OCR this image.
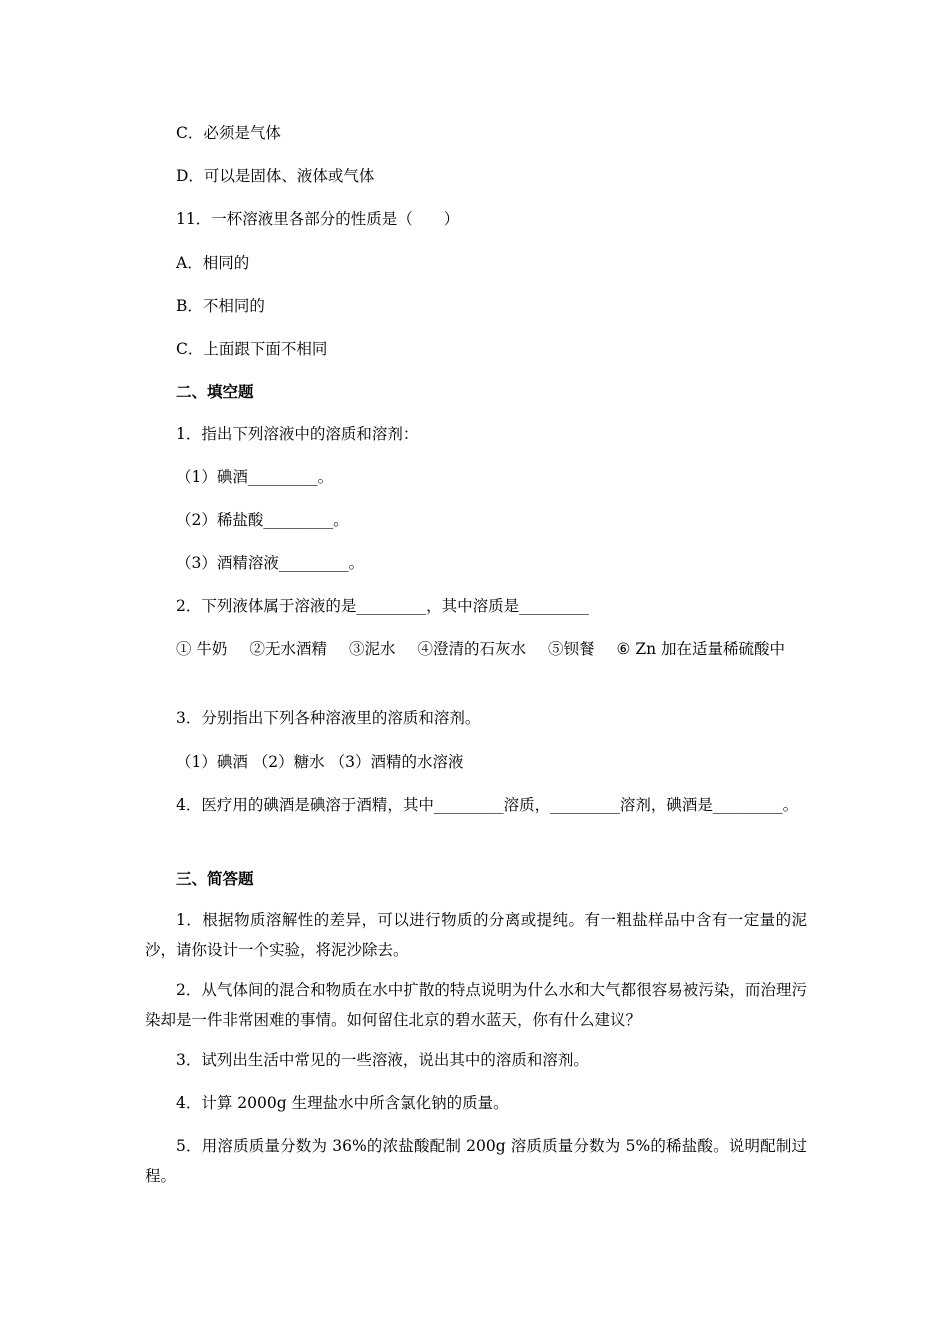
C．必须是气体
D．可以是固体、液体或气体
11．一杯溶液里各部分的性质是（　　）
A．相同的
B．不相同的
C．上面跟下面不相同
二、填空题
1．指出下列溶液中的溶质和溶剂：
（1）碘酒_________。
（2）稀盐酸_________。
（3）酒精溶液_________。
2．下列液体属于溶液的是_________，其中溶质是_________
① 牛奶 ②无水酒精 ③泥水 ④澄清的石灰水 ⑤钡餐 ⑥ Zn 加在适量稀硫酸中
3．分别指出下列各种溶液里的溶质和溶剂。
（1）碘酒 （2）糖水 （3）酒精的水溶液
4．医疗用的碘酒是碘溶于酒精，其中_________溶质，_________溶剂，碘酒是_________。
三、简答题
1．根据物质溶解性的差异，可以进行物质的分离或提纯。有一粗盐样品中含有一定量的泥沙，请你设计一个实验，将泥沙除去。
2．从气体间的混合和物质在水中扩散的特点说明为什么水和大气都很容易被污染，而治理污染却是一件非常困难的事情。如何留住北京的碧水蓝天，你有什么建议？
3．试列出生活中常见的一些溶液，说出其中的溶质和溶剂。
4．计算 2000g 生理盐水中所含氯化钠的质量。
5．用溶质质量分数为 36%的浓盐酸配制 200g 溶质质量分数为 5%的稀盐酸。说明配制过程。
